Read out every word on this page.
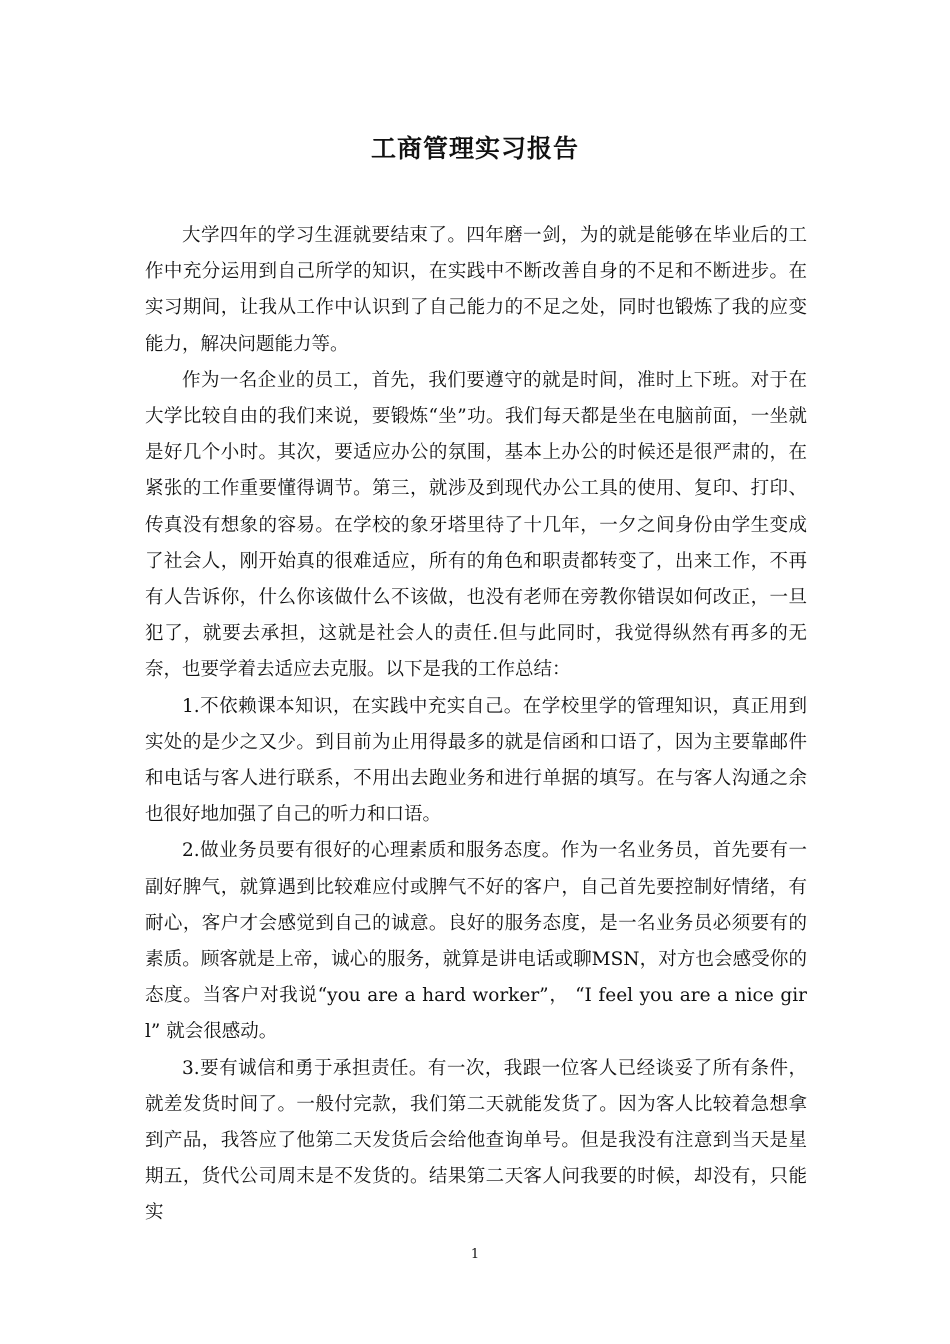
工商管理实习报告

大学四年的学习生涯就要结束了。四年磨一剑，为的就是能够在毕业后的工作中充分运用到自己所学的知识，在实践中不断改善自身的不足和不断进步。在实习期间，让我从工作中认识到了自己能力的不足之处，同时也锻炼了我的应变能力，解决问题能力等。

作为一名企业的员工，首先，我们要遵守的就是时间，准时上下班。对于在大学比较自由的我们来说，要锻炼“坐”功。我们每天都是坐在电脑前面，一坐就是好几个小时。其次，要适应办公的氛围，基本上办公的时候还是很严肃的，在紧张的工作重要懂得调节。第三，就涉及到现代办公工具的使用、复印、打印、传真没有想象的容易。在学校的象牙塔里待了十几年，一夕之间身份由学生变成了社会人，刚开始真的很难适应，所有的角色和职责都转变了，出来工作，不再有人告诉你，什么你该做什么不该做，也没有老师在旁教你错误如何改正，一旦犯了，就要去承担，这就是社会人的责任.但与此同时，我觉得纵然有再多的无奈，也要学着去适应去克服。以下是我的工作总结：

1.不依赖课本知识，在实践中充实自己。在学校里学的管理知识，真正用到实处的是少之又少。到目前为止用得最多的就是信函和口语了，因为主要靠邮件和电话与客人进行联系，不用出去跑业务和进行单据的填写。在与客人沟通之余也很好地加强了自己的听力和口语。

2.做业务员要有很好的心理素质和服务态度。作为一名业务员，首先要有一副好脾气，就算遇到比较难应付或脾气不好的客户，自己首先要控制好情绪，有耐心，客户才会感觉到自己的诚意。良好的服务态度，是一名业务员必须要有的素质。顾客就是上帝，诚心的服务，就算是讲电话或聊MSN，对方也会感受你的态度。当客户对我说“you are a hard worker”， “I feel you are a nice girl” 就会很感动。

3.要有诚信和勇于承担责任。有一次，我跟一位客人已经谈妥了所有条件，就差发货时间了。一般付完款，我们第二天就能发货了。因为客人比较着急想拿到产品，我答应了他第二天发货后会给他查询单号。但是我没有注意到当天是星期五，货代公司周末是不发货的。结果第二天客人问我要的时候，却没有，只能实

1
